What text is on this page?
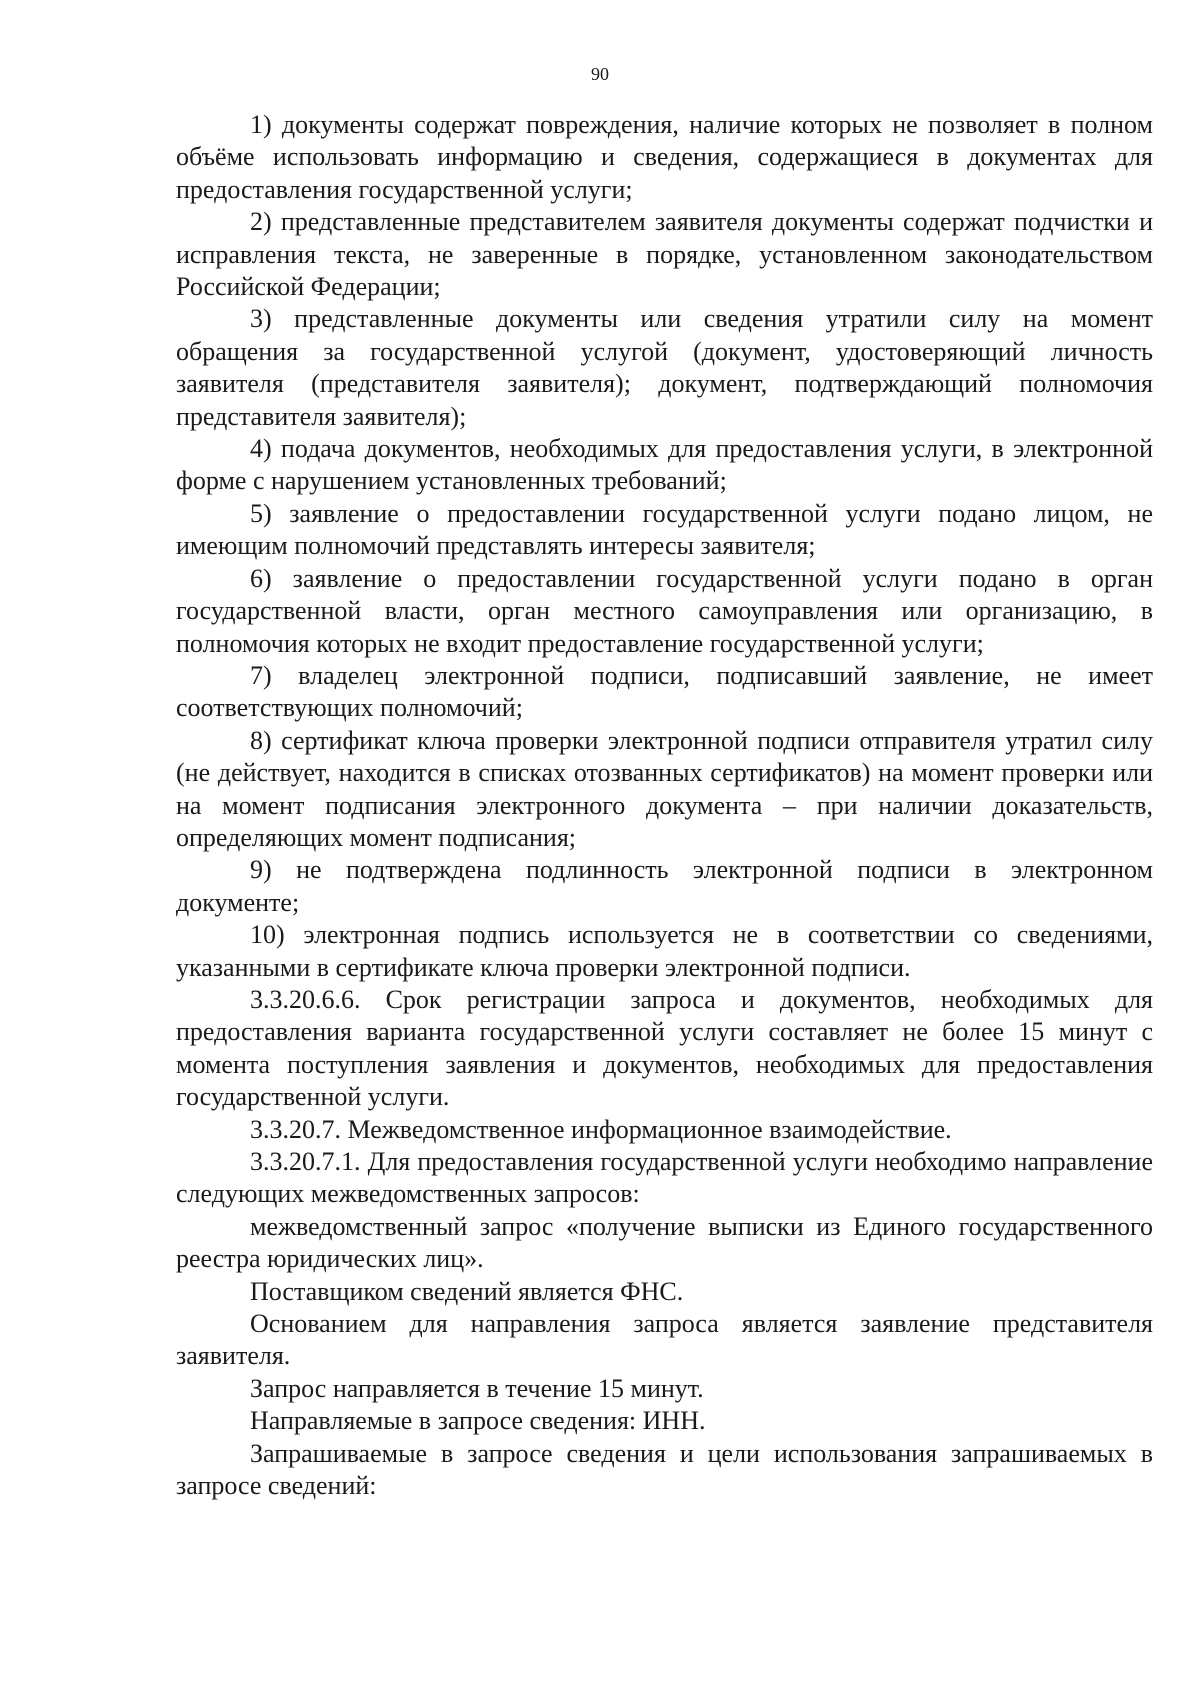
90

1) документы содержат повреждения, наличие которых не позволяет в полном объёме использовать информацию и сведения, содержащиеся в документах для предоставления государственной услуги;

2) представленные представителем заявителя документы содержат подчистки и исправления текста, не заверенные в порядке, установленном законодательством Российской Федерации;

3) представленные документы или сведения утратили силу на момент обращения за государственной услугой (документ, удостоверяющий личность заявителя (представителя заявителя); документ, подтверждающий полномочия представителя заявителя);

4) подача документов, необходимых для предоставления услуги, в электронной форме с нарушением установленных требований;

5) заявление о предоставлении государственной услуги подано лицом, не имеющим полномочий представлять интересы заявителя;

6) заявление о предоставлении государственной услуги подано в орган государственной власти, орган местного самоуправления или организацию, в полномочия которых не входит предоставление государственной услуги;

7) владелец электронной подписи, подписавший заявление, не имеет соответствующих полномочий;

8) сертификат ключа проверки электронной подписи отправителя утратил силу (не действует, находится в списках отозванных сертификатов) на момент проверки или на момент подписания электронного документа – при наличии доказательств, определяющих момент подписания;

9) не подтверждена подлинность электронной подписи в электронном документе;

10) электронная подпись используется не в соответствии со сведениями, указанными в сертификате ключа проверки электронной подписи.

3.3.20.6.6. Срок регистрации запроса и документов, необходимых для предоставления варианта государственной услуги составляет не более 15 минут с момента поступления заявления и документов, необходимых для предоставления государственной услуги.

3.3.20.7. Межведомственное информационное взаимодействие.

3.3.20.7.1. Для предоставления государственной услуги необходимо направление следующих межведомственных запросов:

межведомственный запрос «получение выписки из Единого государственного реестра юридических лиц».

Поставщиком сведений является ФНС.

Основанием для направления запроса является заявление представителя заявителя.

Запрос направляется в течение 15 минут.

Направляемые в запросе сведения: ИНН.

Запрашиваемые в запросе сведения и цели использования запрашиваемых в запросе сведений:
